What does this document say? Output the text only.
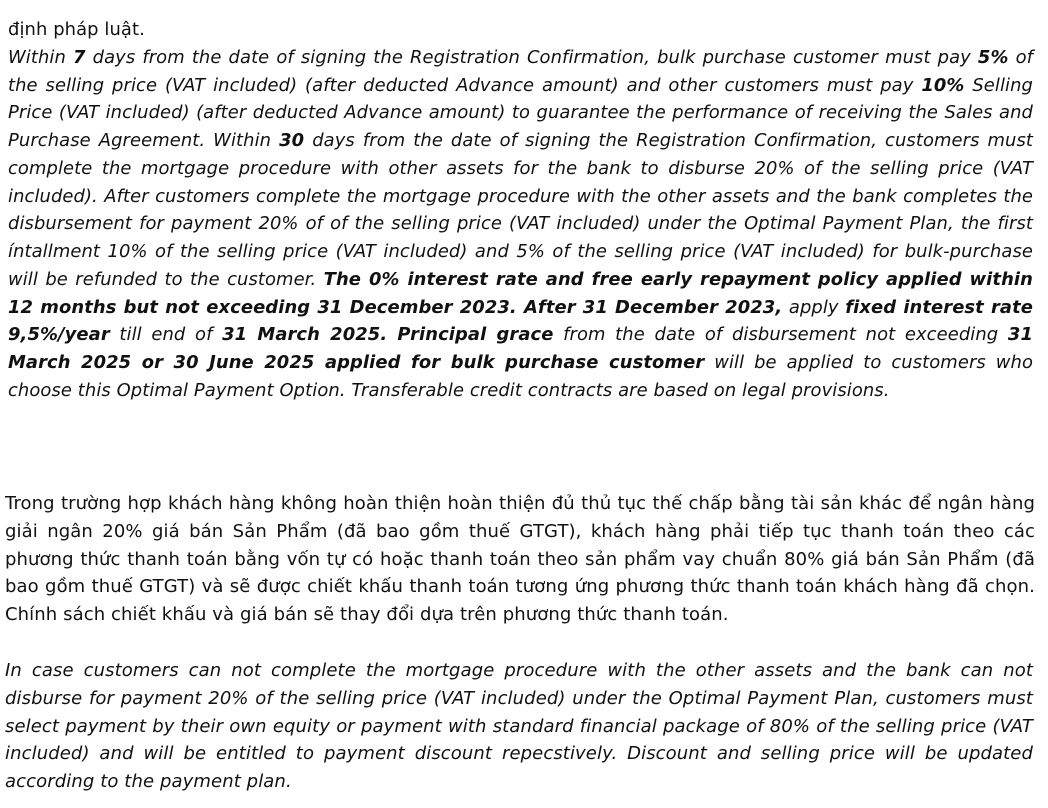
định pháp luật.
Within 7 days from the date of signing the Registration Confirmation, bulk purchase customer must pay 5% of the selling price (VAT included) (after deducted Advance amount) and other customers must pay 10% Selling Price (VAT included) (after deducted Advance amount) to guarantee the performance of receiving the Sales and Purchase Agreement. Within 30 days from the date of signing the Registration Confirmation, customers must complete the mortgage procedure with other assets for the bank to disburse 20% of the selling price (VAT included). After customers complete the mortgage procedure with the other assets and the bank completes the disbursement for payment 20% of of the selling price (VAT included) under the Optimal Payment Plan, the first íntallment 10% of the selling price (VAT included) and 5% of the selling price (VAT included) for bulk-purchase will be refunded to the customer. The 0% interest rate and free early repayment policy applied within 12 months but not exceeding 31 December 2023. After 31 December 2023, apply fixed interest rate 9,5%/year till end of 31 March 2025. Principal grace from the date of disbursement not exceeding 31 March 2025 or 30 June 2025 applied for bulk purchase customer will be applied to customers who choose this Optimal Payment Option. Transferable credit contracts are based on legal provisions.
Trong trường hợp khách hàng không hoàn thiện hoàn thiện đủ thủ tục thế chấp bằng tài sản khác để ngân hàng giải ngân 20% giá bán Sản Phẩm (đã bao gồm thuế GTGT), khách hàng phải tiếp tục thanh toán theo các phương thức thanh toán bằng vốn tự có hoặc thanh toán theo sản phẩm vay chuẩn 80% giá bán Sản Phẩm (đã bao gồm thuế GTGT) và sẽ được chiết khấu thanh toán tương ứng phương thức thanh toán khách hàng đã chọn. Chính sách chiết khấu và giá bán sẽ thay đổi dựa trên phương thức thanh toán.
In case customers can not complete the mortgage procedure with the other assets and the bank can not disburse for payment 20% of the selling price (VAT included) under the Optimal Payment Plan, customers must select payment by their own equity or payment with standard financial package of 80% of the selling price (VAT included) and will be entitled to payment discount repecstively. Discount and selling price will be updated according to the payment plan.
